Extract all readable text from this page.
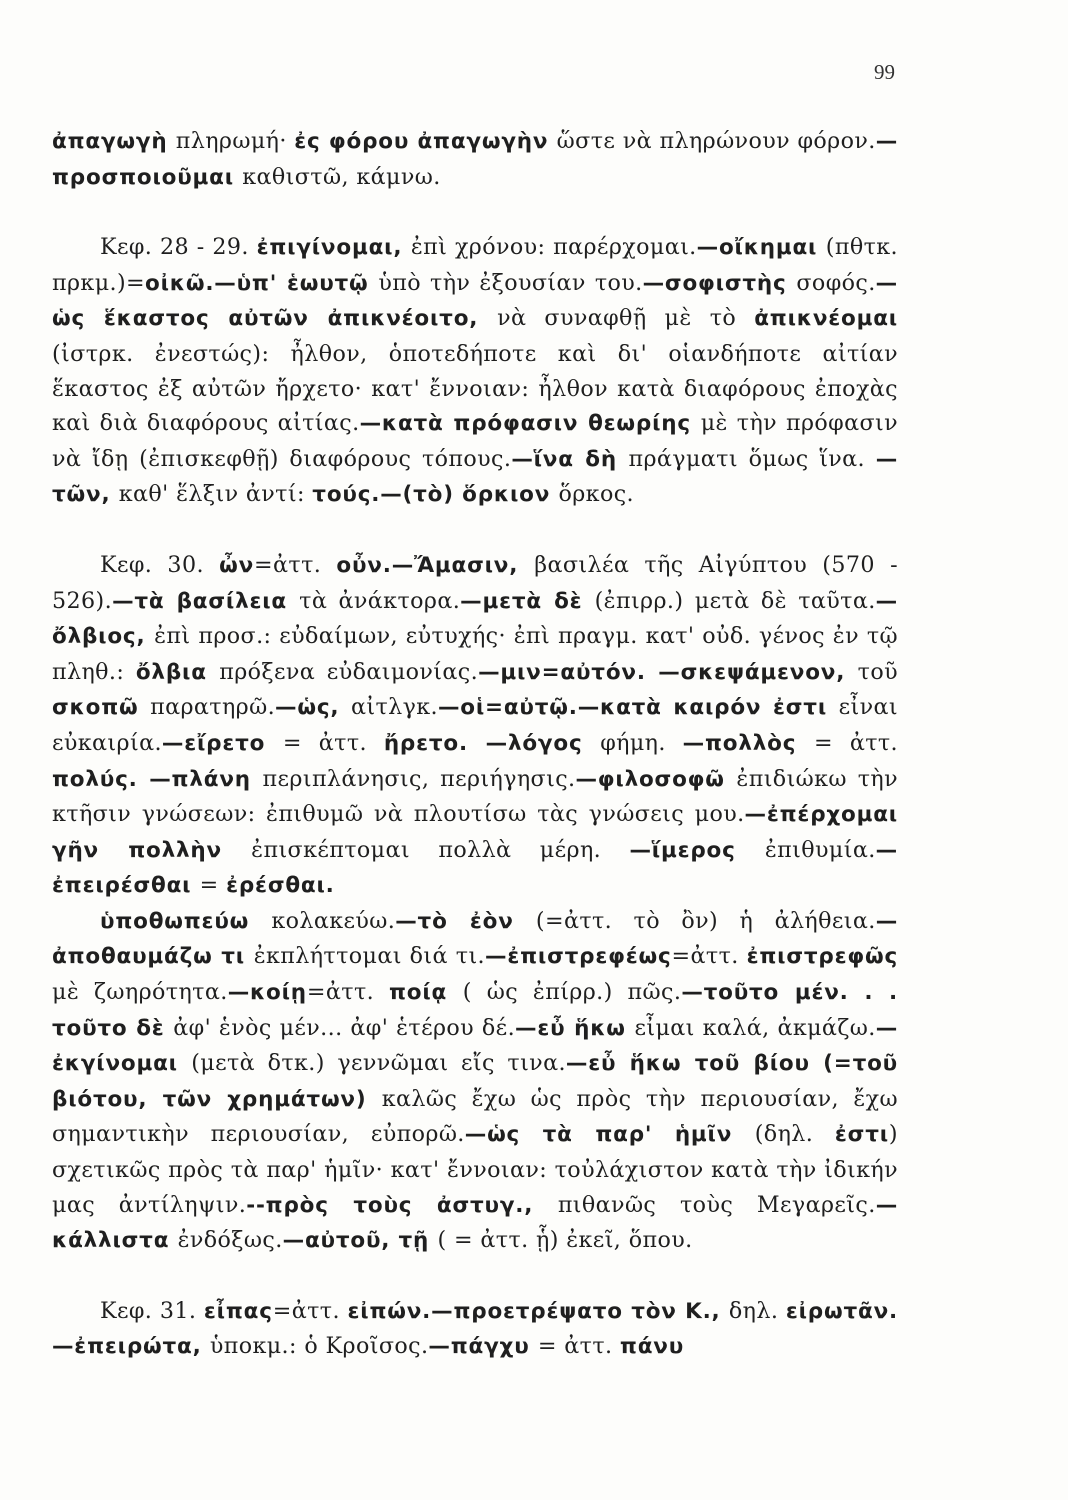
99

ἀπαγωγὴ πληρωμή· ἐς φόρου ἀπαγωγὴν ὥστε νὰ πληρώνουν φόρον.—προσποιοῦμαι καθιστῶ, κάμνω.

Κεφ. 28 - 29. ἐπιγίνομαι, ἐπὶ χρόνου: παρέρχομαι.—οἴκημαι (πθτκ. πρκμ.)=οἰκῶ.—ὑπ' ἑωυτῷ ὑπὸ τὴν ἐξουσίαν του.—σοφιστὴς σοφός.—ὡς ἕκαστος αὐτῶν ἀπικνέοιτο, νὰ συναφθῇ μὲ τὸ ἀπικνέομαι (ἰστρκ. ἐνεστώς): ἦλθον, ὁποτεδήποτε καὶ δι' οἱανδήποτε αἰτίαν ἕκαστος ἐξ αὐτῶν ἤρχετο· κατ' ἔννοιαν: ἦλθον κατὰ διαφόρους ἐποχὰς καὶ διὰ διαφόρους αἰτίας.—κατὰ πρόφασιν θεωρίης μὲ τὴν πρόφασιν νὰ ἴδῃ (ἐπισκεφθῇ) διαφόρους τόπους.—ἵνα δὴ πράγματι ὅμως ἵνα. —τῶν, καθ' ἕλξιν ἀντί: τούς.—(τὸ) ὅρκιον ὅρκος.

Κεφ. 30. ὦν=ἀττ. οὖν.—Ἄμασιν, βασιλέα τῆς Αἰγύπτου (570 - 526).—τὰ βασίλεια τὰ ἀνάκτορα.—μετὰ δὲ (ἐπιρρ.) μετὰ δὲ ταῦτα.—ὄλβιος, ἐπὶ προσ.: εὐδαίμων, εὐτυχής· ἐπὶ πραγμ. κατ' οὐδ. γένος ἐν τῷ πληθ.: ὄλβια πρόξενα εὐδαιμονίας.—μιν=αὐτόν. —σκεψάμενον, τοῦ σκοπῶ παρατηρῶ.—ὡς, αἰτλγκ.—οἱ=αὐτῷ.—κατὰ καιρόν ἐστι εἶναι εὐκαιρία.—εἴρετο = ἀττ. ἤρετο. —λόγος φήμη. —πολλὸς = ἀττ. πολύς. —πλάνη περιπλάνησις, περιήγησις.—φιλοσοφῶ ἐπιδιώκω τὴν κτῆσιν γνώσεων: ἐπιθυμῶ νὰ πλουτίσω τὰς γνώσεις μου.—ἐπέρχομαι γῆν πολλὴν ἐπισκέπτομαι πολλὰ μέρη. —ἵμερος ἐπιθυμία.—ἐπειρέσθαι = ἐρέσθαι.

ὑποθωπεύω κολακεύω.—τὸ ἐὸν (=ἀττ. τὸ ὂν) ἡ ἀλήθεια.—ἀποθαυμάζω τι ἐκπλήττομαι διά τι.—ἐπιστρεφέως=ἀττ. ἐπιστρεφῶς μὲ ζωηρότητα.—κοίῃ=ἀττ. ποίᾳ ( ὡς ἐπίρρ.) πῶς.—τοῦτο μέν. . . τοῦτο δὲ ἀφ' ἑνὸς μέν... ἀφ' ἑτέρου δέ.—εὖ ἥκω εἶμαι καλά, ἀκμάζω.—ἐκγίνομαι (μετὰ δτκ.) γεννῶμαι εἴς τινα.—εὖ ἥκω τοῦ βίου (=τοῦ βιότου, τῶν χρημάτων) καλῶς ἔχω ὡς πρὸς τὴν περιουσίαν, ἔχω σημαντικὴν περιουσίαν, εὐπορῶ.—ὡς τὰ παρ' ἡμῖν (δηλ. ἐστι) σχετικῶς πρὸς τὰ παρ' ἡμῖν· κατ' ἔννοιαν: τοὐλάχιστον κατὰ τὴν ἰδικήν μας ἀντίληψιν.--πρὸς τοὺς ἀστυγ., πιθανῶς τοὺς Μεγαρεῖς.—κάλλιστα ἐνδόξως.—αὐτοῦ, τῇ ( = ἀττ. ᾗ) ἐκεῖ, ὅπου.

Κεφ. 31. εἶπας=ἀττ. εἰπών.—προετρέψατο τὸν Κ., δηλ. εἰρωτᾶν.—ἐπειρώτα, ὑποκμ.: ὁ Κροῖσος.—πάγχυ = ἀττ. πάνυ
